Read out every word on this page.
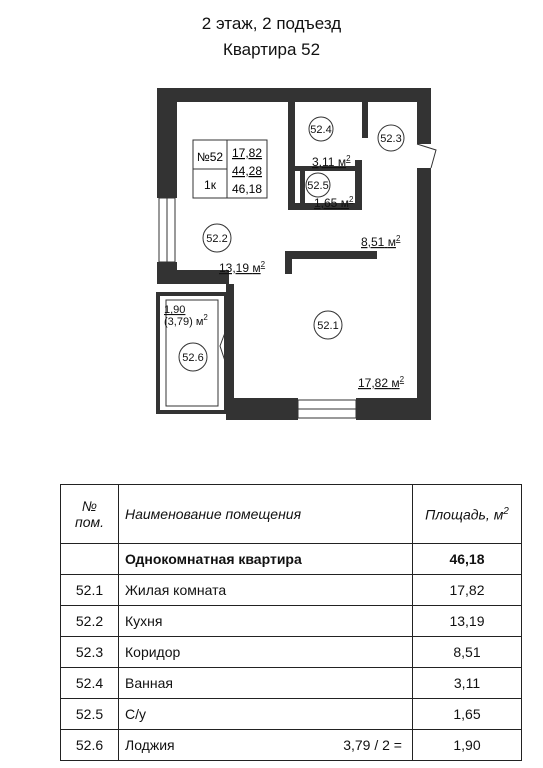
2 этаж, 2 подъезд
Квартира 52
№52
1к
17,82
44,28
46,18
52.4
52.3
52.5
52.2
52.1
52.6
3,11 $м^2$
1,65 $м^2$
8,51 $м^2$
13,19 $м^2$
17,82 $м^2$
1,90
(3,79) $м^2$
№ пом.	Наименование помещения	Площадь, $м^2$
	Однокомнатная квартира	46,18
52.1	Жилая комната	17,82
52.2	Кухня	13,19
52.3	Коридор	8,51
52.4	Ванная	3,11
52.5	С/у	1,65
52.6	Лоджия 3,79 / 2 =	1,90
